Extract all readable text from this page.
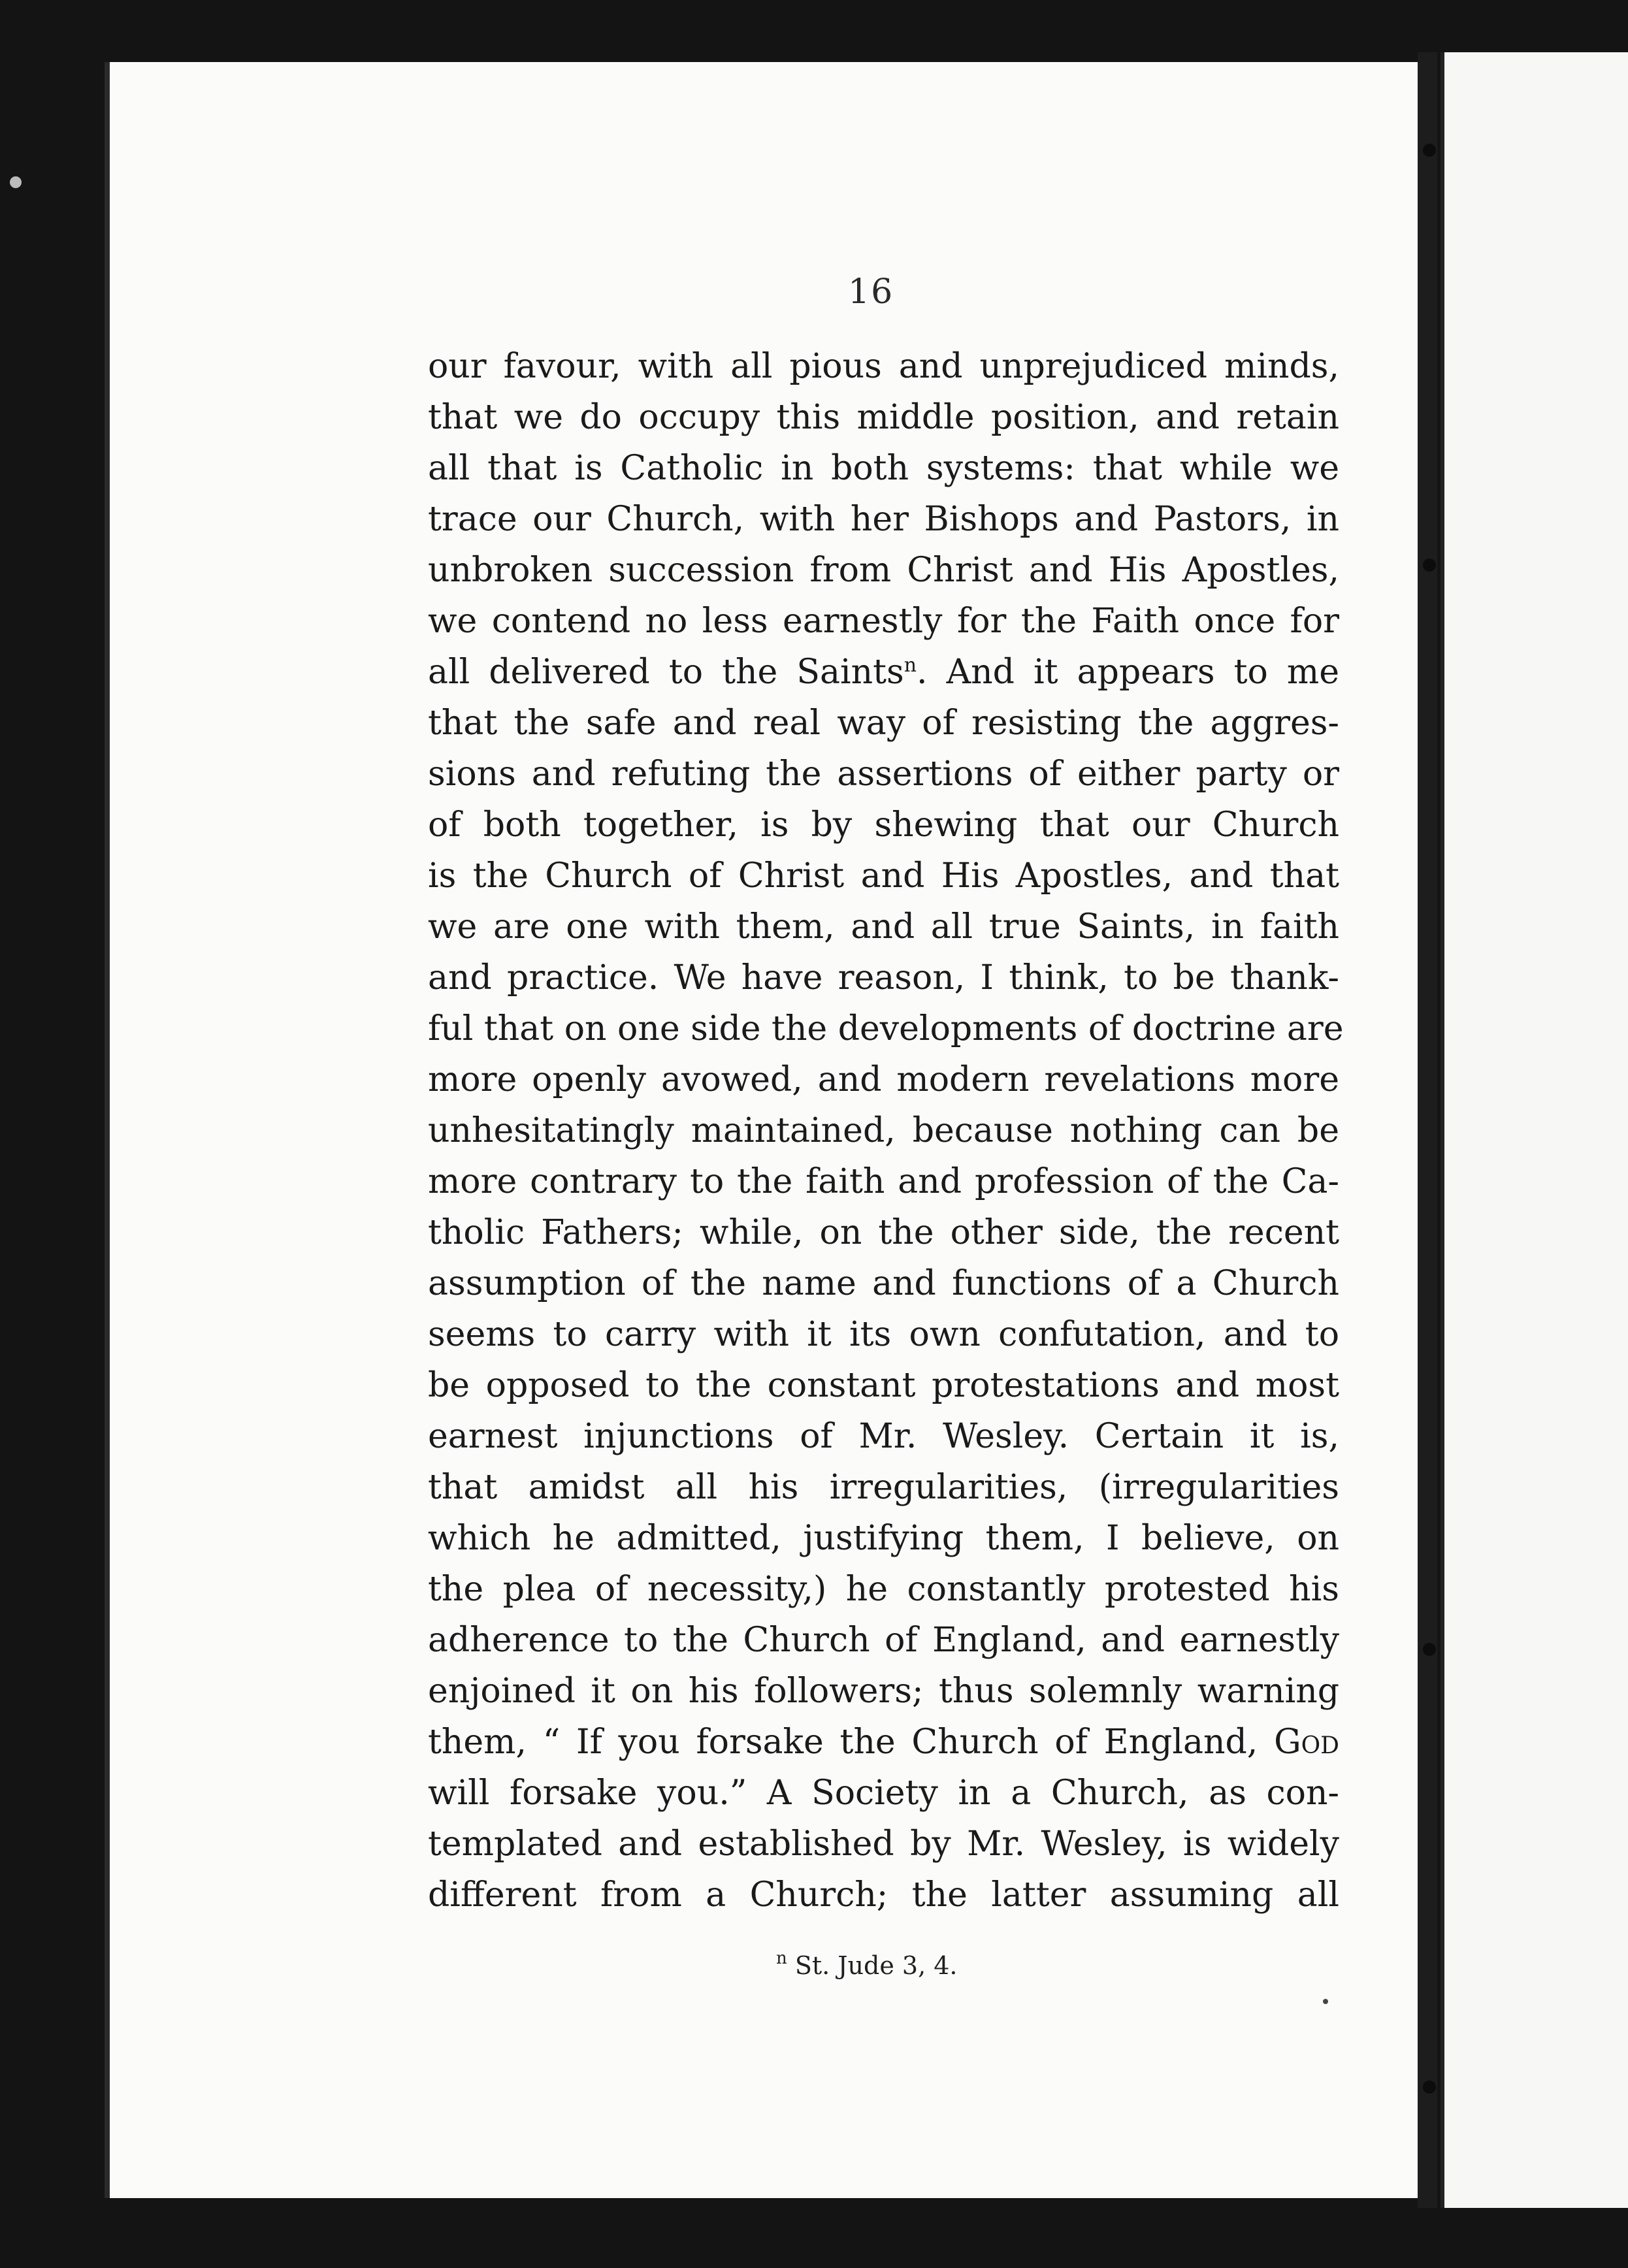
16
our favour, with all pious and unprejudiced minds,
that we do occupy this middle position, and retain
all that is Catholic in both systems: that while we
trace our Church, with her Bishops and Pastors, in
unbroken succession from Christ and His Apostles,
we contend no less earnestly for the Faith once for
all delivered to the Saints$^n$. And it appears to me
that the safe and real way of resisting the aggres-
sions and refuting the assertions of either party or
of both together, is by shewing that our Church
is the Church of Christ and His Apostles, and that
we are one with them, and all true Saints, in faith
and practice. We have reason, I think, to be thank-
ful that on one side the developments of doctrine are
more openly avowed, and modern revelations more
unhesitatingly maintained, because nothing can be
more contrary to the faith and profession of the Ca-
tholic Fathers; while, on the other side, the recent
assumption of the name and functions of a Church
seems to carry with it its own confutation, and to
be opposed to the constant protestations and most
earnest injunctions of Mr. Wesley. Certain it is,
that amidst all his irregularities, (irregularities
which he admitted, justifying them, I believe, on
the plea of necessity,) he constantly protested his
adherence to the Church of England, and earnestly
enjoined it on his followers; thus solemnly warning
them, “ If you forsake the Church of England, God
will forsake you.” A Society in a Church, as con-
templated and established by Mr. Wesley, is widely
different from a Church; the latter assuming all
$^n$ St. Jude 3, 4.
